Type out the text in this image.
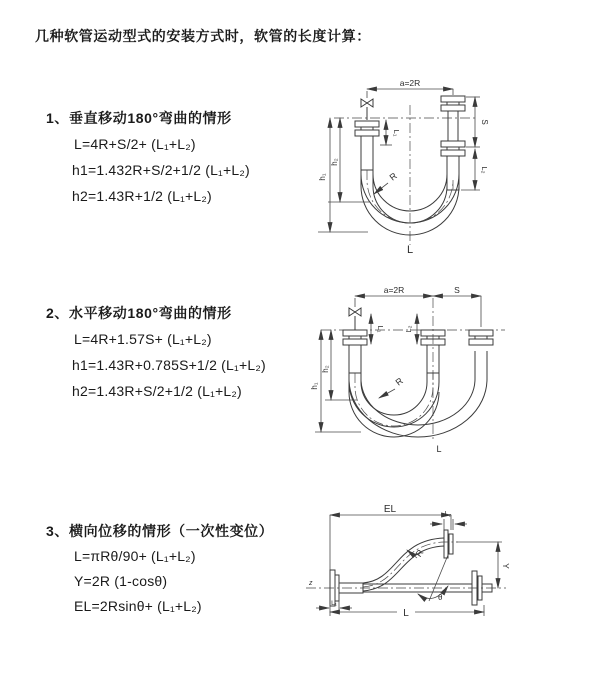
几种软管运动型式的安装方式时，软管的长度计算：
1、垂直移动180°弯曲的情形
L=4R+S/2+ (L₁+L₂)
h1=1.432R+S/2+1/2 (L₁+L₂)
h2=1.43R+1/2 (L₁+L₂)
a=2R
h₁
h₂
L₁
S
L₂
R
L
2、水平移动180°弯曲的情形
L=4R+1.57S+ (L₁+L₂)
h1=1.43R+0.785S+1/2 (L₁+L₂)
h2=1.43R+S/2+1/2 (L₁+L₂)
a=2R	S
h₁
h₂
L₁	L₂
R
L
3、横向位移的情形（一次性变位）
L=πRθ/90+ (L₁+L₂)
Y=2R (1-cosθ)
EL=2Rsinθ+ (L₁+L₂)
z
EL	L₂
Y
θ
R
L₁
L
